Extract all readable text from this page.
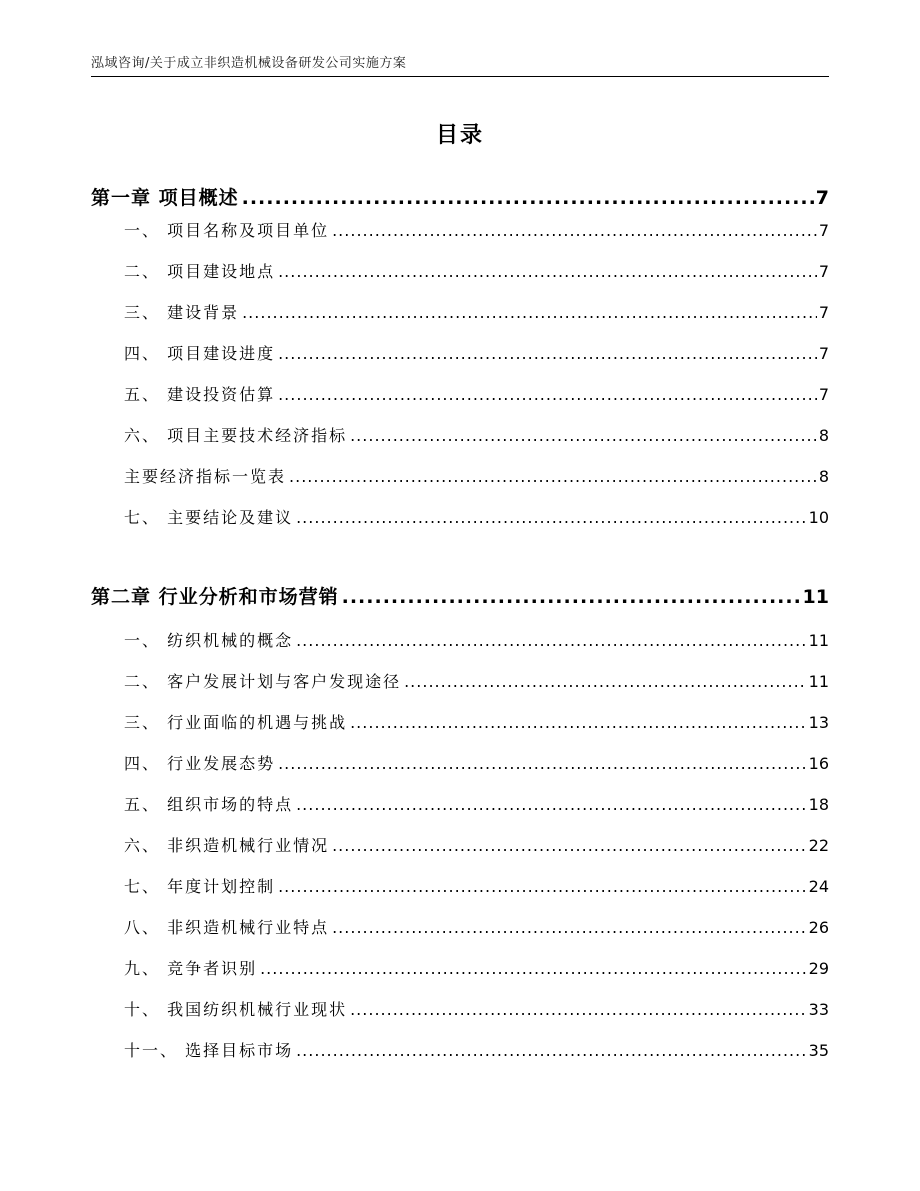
泓域咨询/关于成立非织造机械设备研发公司实施方案
目录
第一章 项目概述 .....	7
一、 项目名称及项目单位 .....	7
二、 项目建设地点 .....	7
三、 建设背景 .....	7
四、 项目建设进度 .....	7
五、 建设投资估算 .....	7
六、 项目主要技术经济指标 .....	8
主要经济指标一览表 .....	8
七、 主要结论及建议 .....	10
第二章 行业分析和市场营销 .....	11
一、 纺织机械的概念 .....	11
二、 客户发展计划与客户发现途径 .....	11
三、 行业面临的机遇与挑战 .....	13
四、 行业发展态势 .....	16
五、 组织市场的特点 .....	18
六、 非织造机械行业情况 .....	22
七、 年度计划控制 .....	24
八、 非织造机械行业特点 .....	26
九、 竞争者识别 .....	29
十、 我国纺织机械行业现状 .....	33
十一、 选择目标市场 .....	35
